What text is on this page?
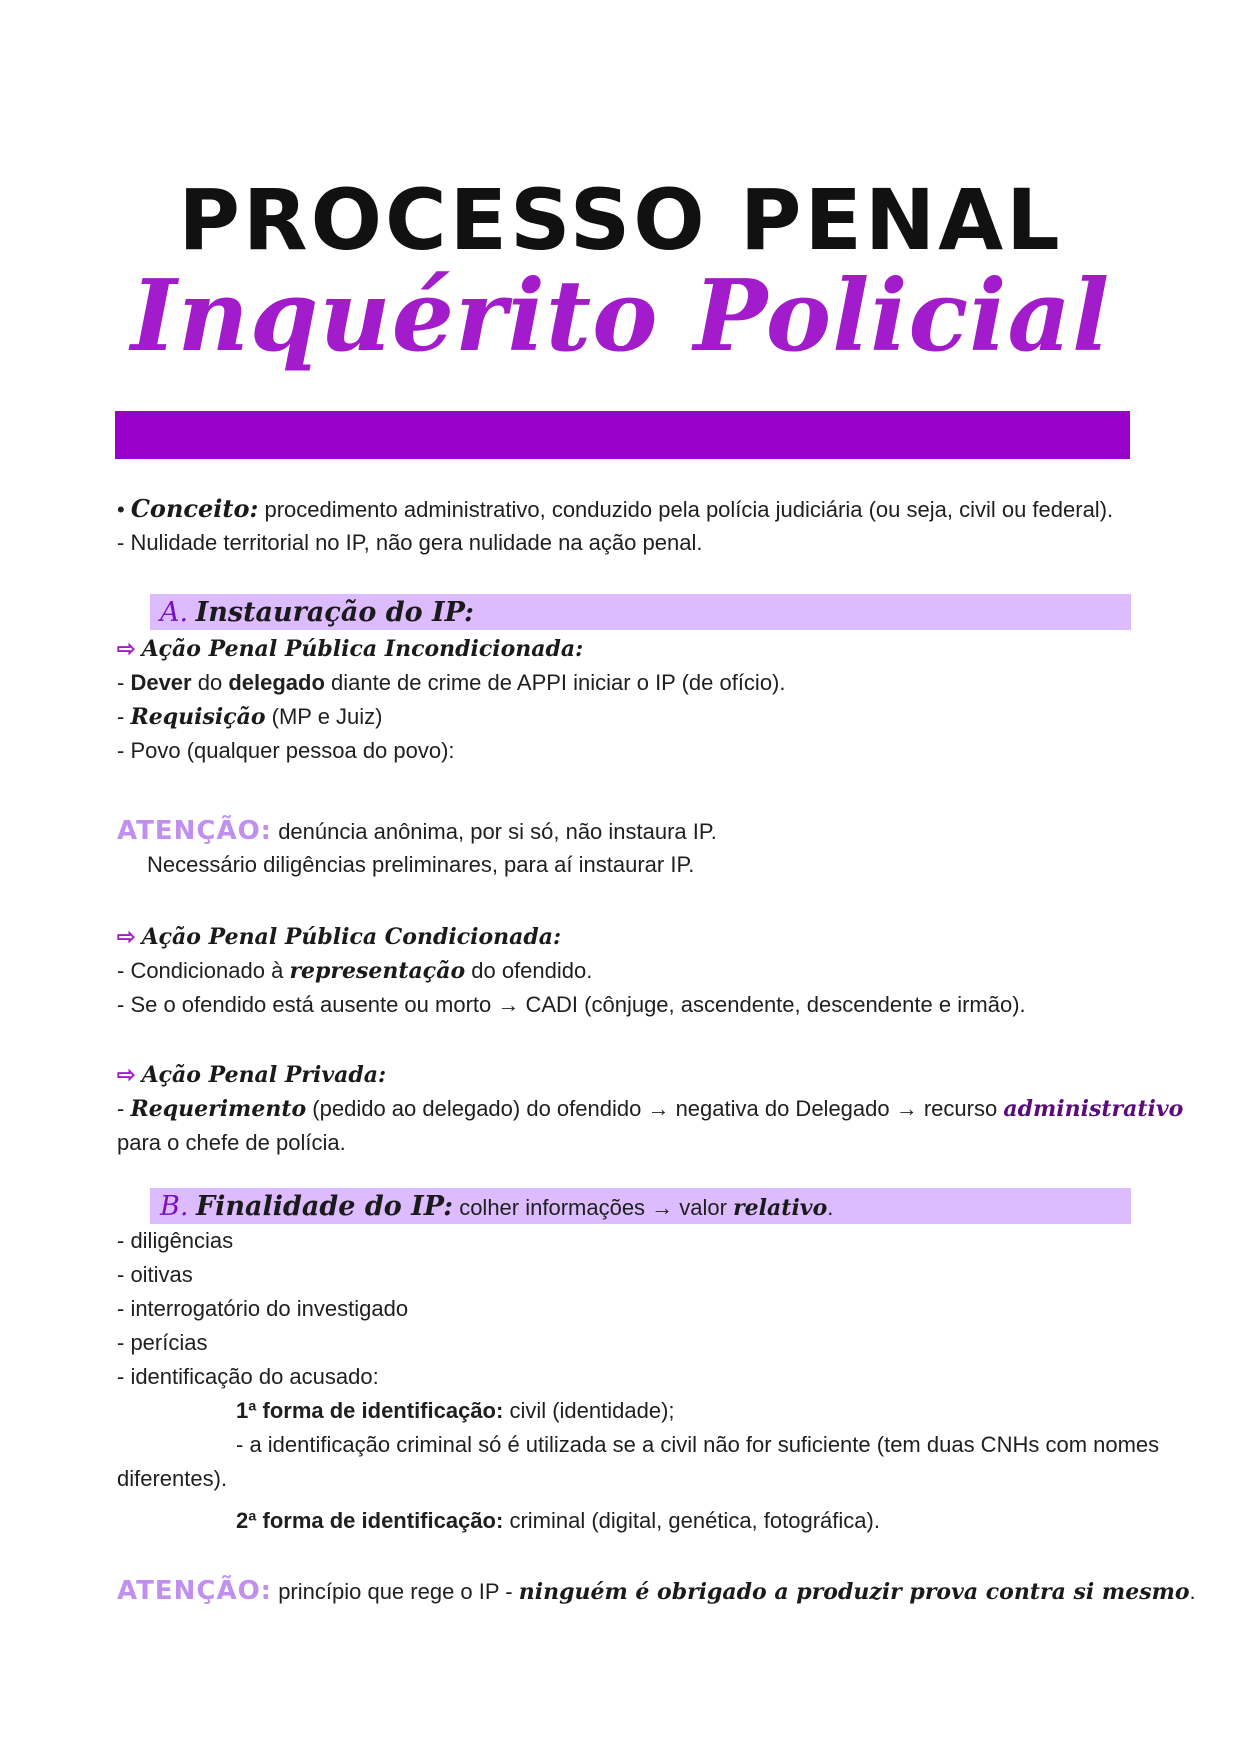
PROCESSO PENAL
Inquérito Policial
• Conceito: procedimento administrativo, conduzido pela polícia judiciária (ou seja, civil ou federal).
- Nulidade territorial no IP, não gera nulidade na ação penal.
A. Instauração do IP:
⇨ Ação Penal Pública Incondicionada:
- Dever do delegado diante de crime de APPI iniciar o IP (de ofício).
- Requisição (MP e Juiz)
- Povo (qualquer pessoa do povo):
ATENÇÃO: denúncia anônima, por si só, não instaura IP.
Necessário diligências preliminares, para aí instaurar IP.
⇨ Ação Penal Pública Condicionada:
- Condicionado à representação do ofendido.
- Se o ofendido está ausente ou morto → CADI (cônjuge, ascendente, descendente e irmão).
⇨ Ação Penal Privada:
- Requerimento (pedido ao delegado) do ofendido → negativa do Delegado → recurso administrativo
para o chefe de polícia.
B. Finalidade do IP: colher informações → valor relativo.
- diligências
- oitivas
- interrogatório do investigado
- perícias
- identificação do acusado:
1ª forma de identificação: civil (identidade);
- a identificação criminal só é utilizada se a civil não for suficiente (tem duas CNHs com nomes
diferentes).
2ª forma de identificação: criminal (digital, genética, fotográfica).
ATENÇÃO: princípio que rege o IP - ninguém é obrigado a produzir prova contra si mesmo.
